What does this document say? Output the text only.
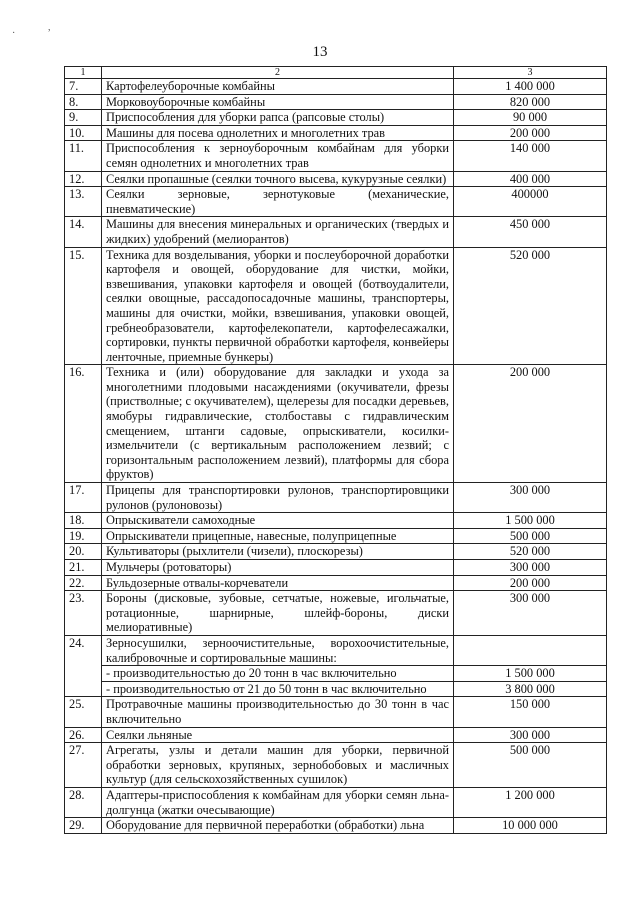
·
,
13
1	2	3
7.	Картофелеуборочные комбайны	1 400 000
8.	Морковоуборочные комбайны	820 000
9.	Приспособления для уборки рапса (рапсовые столы)	90 000
10.	Машины для посева однолетних и многолетних трав	200 000
11.	Приспособления к зерноуборочным комбайнам для уборки семян однолетних и многолетних трав	140 000
12.	Сеялки пропашные (сеялки точного высева, кукурузные сеялки)	400 000
13.	Сеялки зерновые, зернотуковые (механические, пневматические)	400000
14.	Машины для внесения минеральных и органических (твердых и жидких) удобрений (мелиорантов)	450 000
15.	Техника для возделывания, уборки и послеуборочной доработки картофеля и овощей, оборудование для чистки, мойки, взвешивания, упаковки картофеля и овощей (ботвоудалители, сеялки овощные, рассадопосадочные машины, транспортеры, машины для очистки, мойки, взвешивания, упаковки овощей, гребнеобразователи, картофелекопатели, картофелесажалки, сортировки, пункты первичной обработки картофеля, конвейеры ленточные, приемные бункеры)	520 000
16.	Техника и (или) оборудование для закладки и ухода за многолетними плодовыми насаждениями (окучиватели, фрезы (пристволные; с окучивателем), щелерезы для посадки деревьев, ямобуры гидравлические, столбоставы с гидравлическим смещением, штанги садовые, опрыскиватели, косилки-измельчители (с вертикальным расположением лезвий; с горизонтальным расположением лезвий), платформы для сбора фруктов)	200 000
17.	Прицепы для транспортировки рулонов, транспортировщики рулонов (рулоновозы)	300 000
18.	Опрыскиватели самоходные	1 500 000
19.	Опрыскиватели прицепные, навесные, полуприцепные	500 000
20.	Культиваторы (рыхлители (чизели), плоскорезы)	520 000
21.	Мульчеры (ротоваторы)	300 000
22.	Бульдозерные отвалы-корчеватели	200 000
23.	Бороны (дисковые, зубовые, сетчатые, ножевые, игольчатые, ротационные, шарнирные, шлейф-бороны, диски мелиоративные)	300 000
24.	Зерносушилки, зерноочистительные, ворохоочистительные, калибровочные и сортировальные машины:	
	- производительностью до 20 тонн в час включительно	1 500 000
	- производительностью от 21 до 50 тонн в час включительно	3 800 000
25.	Протравочные машины производительностью до 30 тонн в час включительно	150 000
26.	Сеялки льняные	300 000
27.	Агрегаты, узлы и детали машин для уборки, первичной обработки зерновых, крупяных, зернобобовых и масличных культур (для сельскохозяйственных сушилок)	500 000
28.	Адаптеры-приспособления к комбайнам для уборки семян льна-долгунца (жатки очесывающие)	1 200 000
29.	Оборудование для первичной переработки (обработки) льна	10 000 000
